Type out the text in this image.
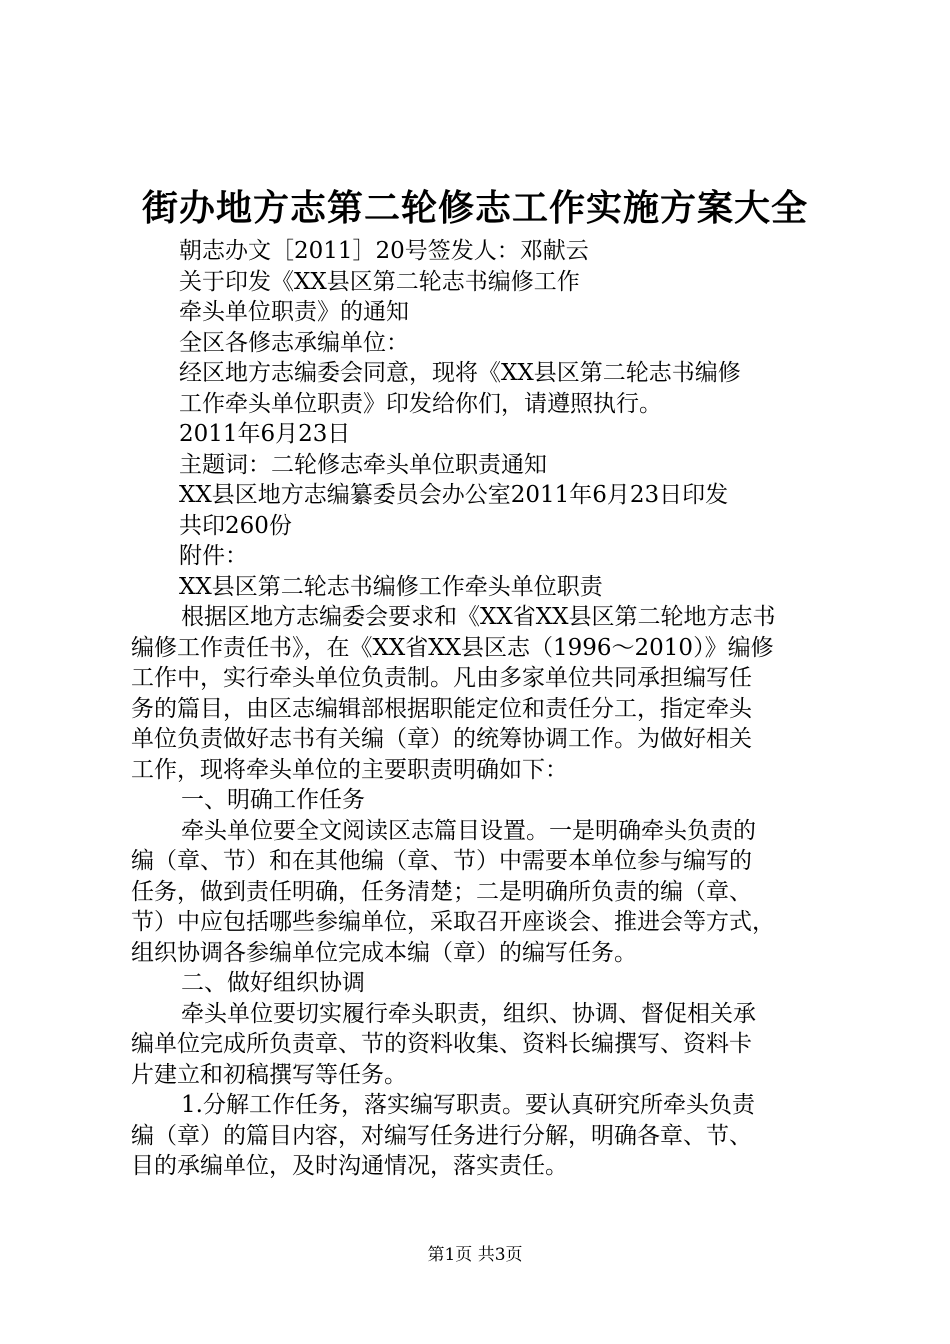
街办地方志第二轮修志工作实施方案大全
朝志办文［2011］20号签发人：邓献云
关于印发《XX县区第二轮志书编修工作
牵头单位职责》的通知
全区各修志承编单位：
经区地方志编委会同意，现将《XX县区第二轮志书编修
工作牵头单位职责》印发给你们，请遵照执行。
2011年6月23日
主题词：二轮修志牵头单位职责通知
XX县区地方志编纂委员会办公室2011年6月23日印发
共印260份
附件：
XX县区第二轮志书编修工作牵头单位职责
根据区地方志编委会要求和《XX省XX县区第二轮地方志书
编修工作责任书》，在《XX省XX县区志（1996～2010）》编修
工作中，实行牵头单位负责制。凡由多家单位共同承担编写任
务的篇目，由区志编辑部根据职能定位和责任分工，指定牵头
单位负责做好志书有关编（章）的统筹协调工作。为做好相关
工作，现将牵头单位的主要职责明确如下：
一、明确工作任务
牵头单位要全文阅读区志篇目设置。一是明确牵头负责的
编（章、节）和在其他编（章、节）中需要本单位参与编写的
任务，做到责任明确，任务清楚；二是明确所负责的编（章、
节）中应包括哪些参编单位，采取召开座谈会、推进会等方式，
组织协调各参编单位完成本编（章）的编写任务。
二、做好组织协调
牵头单位要切实履行牵头职责，组织、协调、督促相关承
编单位完成所负责章、节的资料收集、资料长编撰写、资料卡
片建立和初稿撰写等任务。
1.分解工作任务，落实编写职责。要认真研究所牵头负责
编（章）的篇目内容，对编写任务进行分解，明确各章、节、
目的承编单位，及时沟通情况，落实责任。
第1页 共3页
